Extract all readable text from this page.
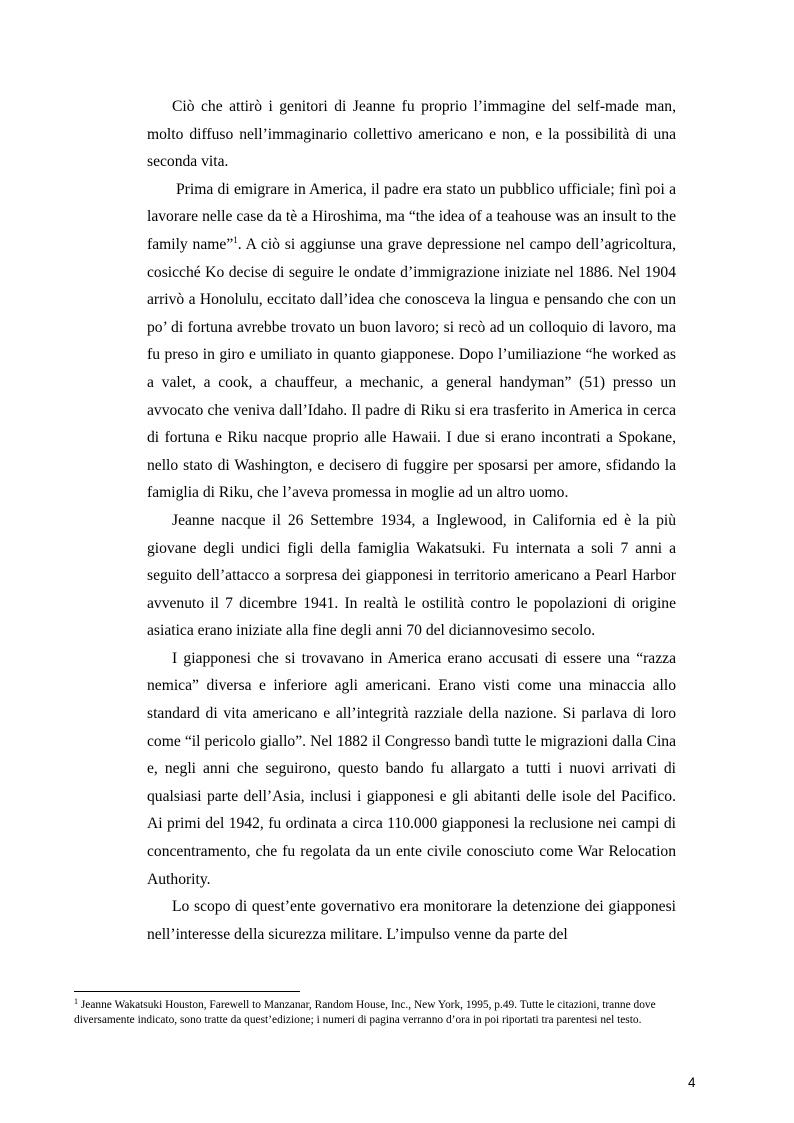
Ciò che attirò i genitori di Jeanne fu proprio l’immagine del self-made man, molto diffuso nell’immaginario collettivo americano e non, e la possibilità di una seconda vita.

Prima di emigrare in America, il padre era stato un pubblico ufficiale; finì poi a lavorare nelle case da tè a Hiroshima, ma “the idea of a teahouse was an insult to the family name”$^1$. A ciò si aggiunse una grave depressione nel campo dell’agricoltura, cosicché Ko decise di seguire le ondate d’immigrazione iniziate nel 1886. Nel 1904 arrivò a Honolulu, eccitato dall’idea che conosceva la lingua e pensando che con un po’ di fortuna avrebbe trovato un buon lavoro; si recò ad un colloquio di lavoro, ma fu preso in giro e umiliato in quanto giapponese. Dopo l’umiliazione “he worked as a valet, a cook, a chauffeur, a mechanic, a general handyman” (51) presso un avvocato che veniva dall’Idaho. Il padre di Riku si era trasferito in America in cerca di fortuna e Riku nacque proprio alle Hawaii. I due si erano incontrati a Spokane, nello stato di Washington, e decisero di fuggire per sposarsi per amore, sfidando la famiglia di Riku, che l’aveva promessa in moglie ad un altro uomo.

Jeanne nacque il 26 Settembre 1934, a Inglewood, in California ed è la più giovane degli undici figli della famiglia Wakatsuki. Fu internata a soli 7 anni a seguito dell’attacco a sorpresa dei giapponesi in territorio americano a Pearl Harbor avvenuto il 7 dicembre 1941. In realtà le ostilità contro le popolazioni di origine asiatica erano iniziate alla fine degli anni 70 del diciannovesimo secolo.

I giapponesi che si trovavano in America erano accusati di essere una “razza nemica” diversa e inferiore agli americani. Erano visti come una minaccia allo standard di vita americano e all’integrità razziale della nazione. Si parlava di loro come “il pericolo giallo”. Nel 1882 il Congresso bandì tutte le migrazioni dalla Cina e, negli anni che seguirono, questo bando fu allargato a tutti i nuovi arrivati di qualsiasi parte dell’Asia, inclusi i giapponesi e gli abitanti delle isole del Pacifico. Ai primi del 1942, fu ordinata a circa 110.000 giapponesi la reclusione nei campi di concentramento, che fu regolata da un ente civile conosciuto come War Relocation Authority.

Lo scopo di quest’ente governativo era monitorare la detenzione dei giapponesi nell’interesse della sicurezza militare. L’impulso venne da parte del

$^1$ Jeanne Wakatsuki Houston, Farewell to Manzanar, Random House, Inc., New York, 1995, p.49. Tutte le citazioni, tranne dove diversamente indicato, sono tratte da quest’edizione; i numeri di pagina verranno d’ora in poi riportati tra parentesi nel testo.
4
